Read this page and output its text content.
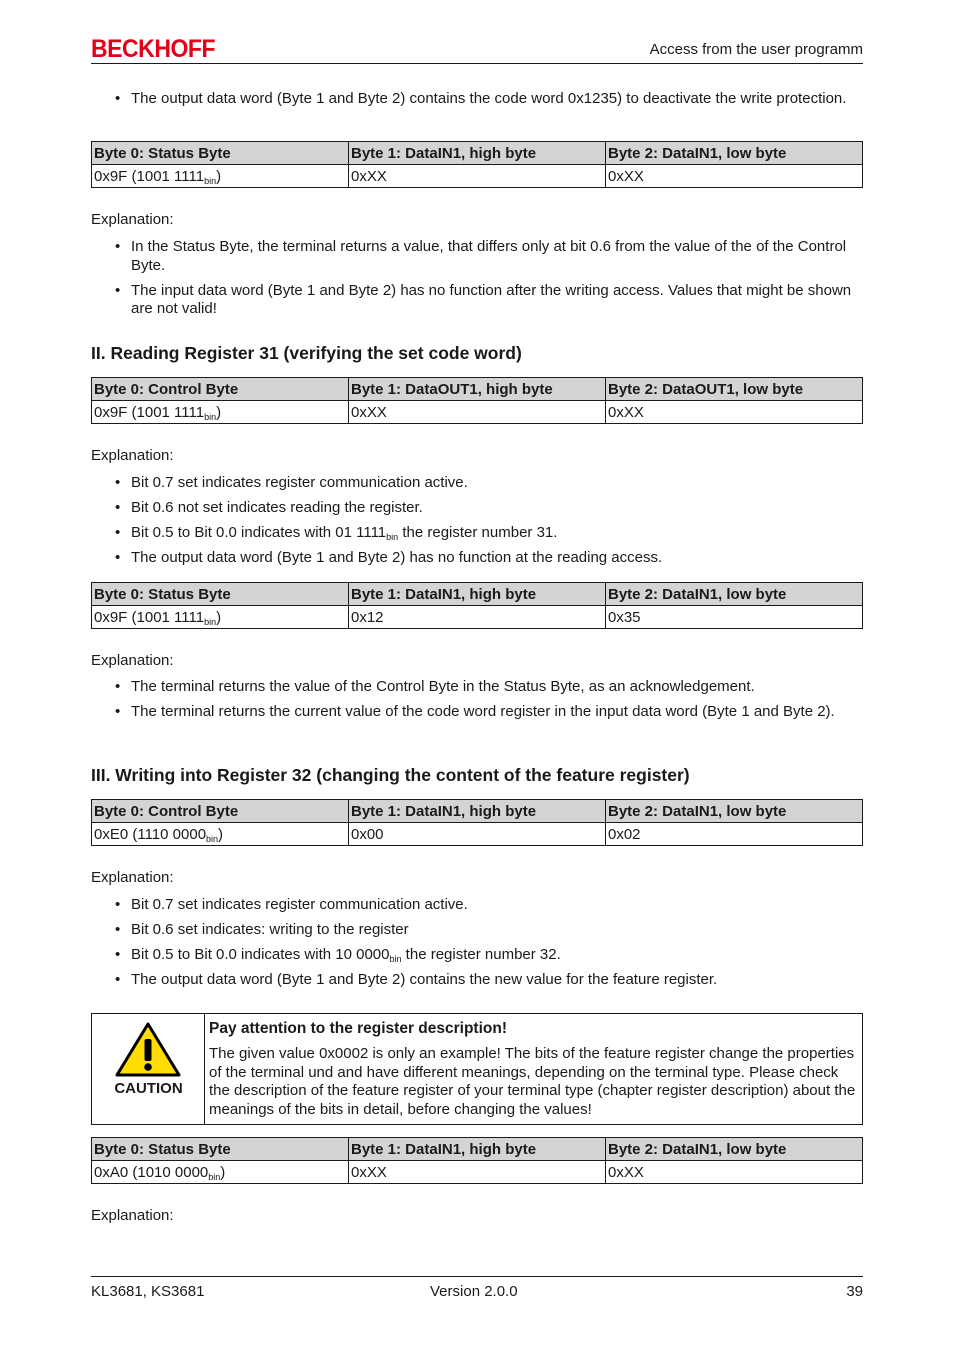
BECKHOFF	Access from the user programm
• The output data word (Byte 1 and Byte 2) contains the code word 0x1235) to deactivate the write protection.
Byte 0: Status Byte	Byte 1: DataIN1, high byte	Byte 2: DataIN1, low byte
0x9F (1001 $1111_{bin}$)	0xXX	0xXX
Explanation:
• In the Status Byte, the terminal returns a value, that differs only at bit 0.6 from the value of the of the Control Byte.
• The input data word (Byte 1 and Byte 2) has no function after the writing access. Values that might be shown are not valid!
II. Reading Register 31 (verifying the set code word)
Byte 0: Control Byte	Byte 1: DataOUT1, high byte	Byte 2: DataOUT1, low byte
0x9F (1001 $1111_{bin}$)	0xXX	0xXX
Explanation:
• Bit 0.7 set indicates register communication active.
• Bit 0.6 not set indicates reading the register.
• Bit 0.5 to Bit 0.0 indicates with 01 $1111_{bin}$ the register number 31.
• The output data word (Byte 1 and Byte 2) has no function at the reading access.
Byte 0: Status Byte	Byte 1: DataIN1, high byte	Byte 2: DataIN1, low byte
0x9F (1001 $1111_{bin}$)	0x12	0x35
Explanation:
• The terminal returns the value of the Control Byte in the Status Byte, as an acknowledgement.
• The terminal returns the current value of the code word register in the input data word (Byte 1 and Byte 2).
III. Writing into Register 32 (changing the content of the feature register)
Byte 0: Control Byte	Byte 1: DataIN1, high byte	Byte 2: DataIN1, low byte
0xE0 (1110 $0000_{bin}$)	0x00	0x02
Explanation:
• Bit 0.7 set indicates register communication active.
• Bit 0.6 set indicates: writing to the register
• Bit 0.5 to Bit 0.0 indicates with 10 $0000_{bin}$ the register number 32.
• The output data word (Byte 1 and Byte 2) contains the new value for the feature register.
CAUTION
Pay attention to the register description!
The given value 0x0002 is only an example! The bits of the feature register change the properties of the terminal und and have different meanings, depending on the terminal type. Please check the description of the feature register of your terminal type (chapter register description) about the meanings of the bits in detail, before changing the values!
Byte 0: Status Byte	Byte 1: DataIN1, high byte	Byte 2: DataIN1, low byte
0xA0 (1010 $0000_{bin}$)	0xXX	0xXX
Explanation:
KL3681, KS3681	Version 2.0.0	39
